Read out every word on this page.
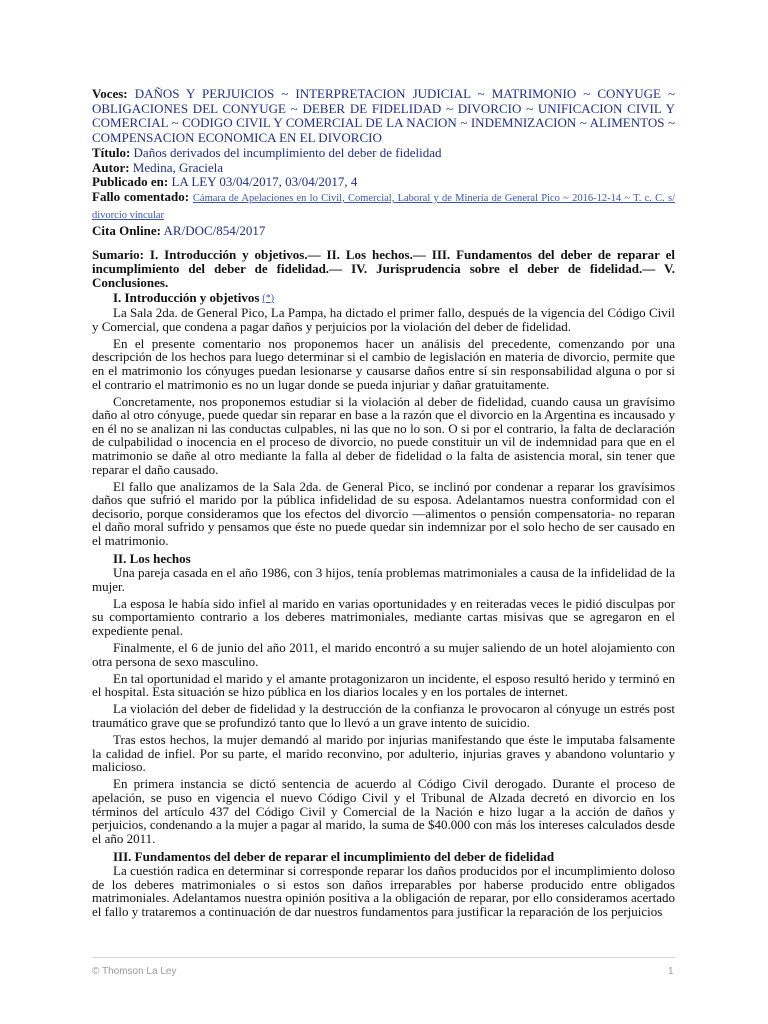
Voces: DAÑOS Y PERJUICIOS ~ INTERPRETACION JUDICIAL ~ MATRIMONIO ~ CONYUGE ~ OBLIGACIONES DEL CONYUGE ~ DEBER DE FIDELIDAD ~ DIVORCIO ~ UNIFICACION CIVIL Y COMERCIAL ~ CODIGO CIVIL Y COMERCIAL DE LA NACION ~ INDEMNIZACION ~ ALIMENTOS ~ COMPENSACION ECONOMICA EN EL DIVORCIO

Título: Daños derivados del incumplimiento del deber de fidelidad

Autor: Medina, Graciela

Publicado en: LA LEY 03/04/2017, 03/04/2017, 4

Fallo comentado: Cámara de Apelaciones en lo Civil, Comercial, Laboral y de Minería de General Pico ~ 2016-12-14 ~ T. c. C. s/ divorcio vincular

Cita Online: AR/DOC/854/2017

Sumario: I. Introducción y objetivos.— II. Los hechos.— III. Fundamentos del deber de reparar el incumplimiento del deber de fidelidad.— IV. Jurisprudencia sobre el deber de fidelidad.— V. Conclusiones.
I. Introducción y objetivos (*)

La Sala 2da. de General Pico, La Pampa, ha dictado el primer fallo, después de la vigencia del Código Civil y Comercial, que condena a pagar daños y perjuicios por la violación del deber de fidelidad.

En el presente comentario nos proponemos hacer un análisis del precedente, comenzando por una descripción de los hechos para luego determinar si el cambio de legislación en materia de divorcio, permite que en el matrimonio los cónyuges puedan lesionarse y causarse daños entre sí sin responsabilidad alguna o por si el contrario el matrimonio es no un lugar donde se pueda injuriar y dañar gratuitamente.

Concretamente, nos proponemos estudiar si la violación al deber de fidelidad, cuando causa un gravísimo daño al otro cónyuge, puede quedar sin reparar en base a la razón que el divorcio en la Argentina es incausado y en él no se analizan ni las conductas culpables, ni las que no lo son. O si por el contrario, la falta de declaración de culpabilidad o inocencia en el proceso de divorcio, no puede constituir un vil de indemnidad para que en el matrimonio se dañe al otro mediante la falla al deber de fidelidad o la falta de asistencia moral, sin tener que reparar el daño causado.

El fallo que analizamos de la Sala 2da. de General Pico, se inclinó por condenar a reparar los gravísimos daños que sufrió el marido por la pública infidelidad de su esposa. Adelantamos nuestra conformidad con el decisorio, porque consideramos que los efectos del divorcio —alimentos o pensión compensatoria- no reparan el daño moral sufrido y pensamos que éste no puede quedar sin indemnizar por el solo hecho de ser causado en el matrimonio.

II. Los hechos

Una pareja casada en el año 1986, con 3 hijos, tenía problemas matrimoniales a causa de la infidelidad de la mujer.

La esposa le había sido infiel al marido en varias oportunidades y en reiteradas veces le pidió disculpas por su comportamiento contrario a los deberes matrimoniales, mediante cartas misivas que se agregaron en el expediente penal.

Finalmente, el 6 de junio del año 2011, el marido encontró a su mujer saliendo de un hotel alojamiento con otra persona de sexo masculino.

En tal oportunidad el marido y el amante protagonizaron un incidente, el esposo resultó herido y terminó en el hospital. Esta situación se hizo pública en los diarios locales y en los portales de internet.

La violación del deber de fidelidad y la destrucción de la confianza le provocaron al cónyuge un estrés post traumático grave que se profundizó tanto que lo llevó a un grave intento de suicidio.

Tras estos hechos, la mujer demandó al marido por injurias manifestando que éste le imputaba falsamente la calidad de infiel. Por su parte, el marido reconvino, por adulterio, injurias graves y abandono voluntario y malicioso.

En primera instancia se dictó sentencia de acuerdo al Código Civil derogado. Durante el proceso de apelación, se puso en vigencia el nuevo Código Civil y el Tribunal de Alzada decretó en divorcio en los términos del artículo 437 del Código Civil y Comercial de la Nación e hizo lugar a la acción de daños y perjuicios, condenando a la mujer a pagar al marido, la suma de $40.000 con más los intereses calculados desde el año 2011.

III. Fundamentos del deber de reparar el incumplimiento del deber de fidelidad

La cuestión radica en determinar si corresponde reparar los daños producidos por el incumplimiento doloso de los deberes matrimoniales o si estos son daños irreparables por haberse producido entre obligados matrimoniales. Adelantamos nuestra opinión positiva a la obligación de reparar, por ello consideramos acertado el fallo y trataremos a continuación de dar nuestros fundamentos para justificar la reparación de los perjuicios

© Thomson La Ley	1
